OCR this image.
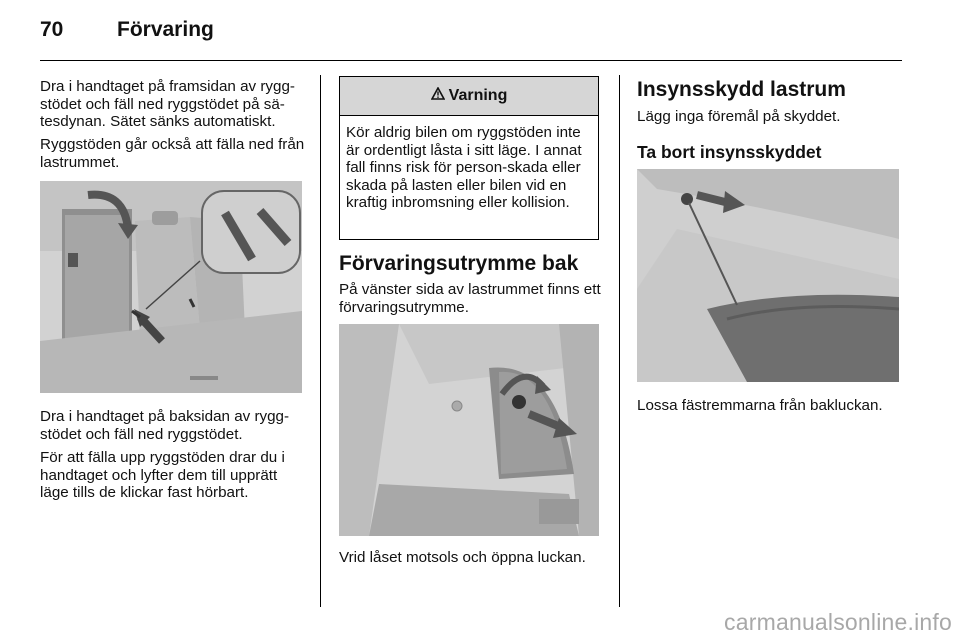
70	Förvaring

Dra i handtaget på framsidan av rygg-stödet och fäll ned ryggstödet på sä-tesdynan. Sätet sänks automatiskt.

Ryggstöden går också att fälla ned från lastrummet.

Dra i handtaget på baksidan av rygg-stödet och fäll ned ryggstödet.

För att fälla upp ryggstöden drar du i handtaget och lyfter dem till upprätt läge tills de klickar fast hörbart.

Varning
Kör aldrig bilen om ryggstöden inte är ordentligt låsta i sitt läge. I annat fall finns risk för person-skada eller skada på lasten eller bilen vid en kraftig inbromsning eller kollision.
Förvaringsutrymme bak

På vänster sida av lastrummet finns ett förvaringsutrymme.

Vrid låset motsols och öppna luckan.

Insynsskydd lastrum

Lägg inga föremål på skyddet.

Ta bort insynsskyddet

Lossa fästremmarna från bakluckan.

carmanualsonline.info
